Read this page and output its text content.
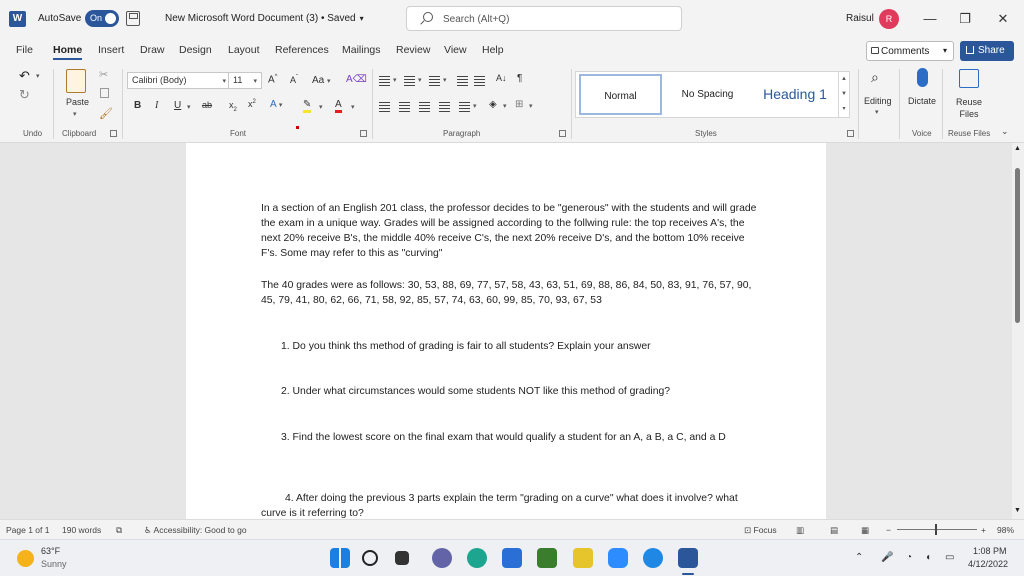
W	AutoSave On	New Microsoft Word Document (3) • Saved ▾
Search (Alt+Q)	Raisul	R	—	❐	✕
File Home Insert Draw Design Layout References Mailings Review View Help	Comments ▾	Share
↶ ▾
↻
Undo
Paste
▾
✂
🖌
Clipboard
Calibri (Body)	▾ 11 ▾ A^ $A^ˇ$ Aa ▾ A⌫
B I U ▾ ab $x_2$
$x^2$ A ▾ ✎ ▾ A ▾
Font
▾	▾	▾	A↓ ¶
▾ ◈ ▾ ⊞ ▾
Paragraph
Normal	No Spacing	Heading 1
▲
▼
▾
Styles
⌕
Editing
▾
Dictate
Voice
Reuse Files
Reuse Files ⌄

In a section of an English 201 class, the professor decides to be "generous" with the students and will grade the exam in a unique way. Grades will be assigned according to the follwing rule: the top receives A's, the next 20% receive B's, the middle 40% receive C's, the next 20% receive D's, and the bottom 10% receive F's. Some may refer to this as "curving"

The 40 grades were as follows: 30, 53, 88, 69, 77, 57, 58, 43, 63, 51, 69, 88, 86, 84, 50, 83, 91, 76, 57, 90, 45, 79, 41, 80, 62, 66, 71, 58, 92, 85, 57, 74, 63, 60, 99, 85, 70, 93, 67, 53

1. Do you think ths method of grading is fair to all students? Explain your answer

2. Under what circumstances would some students NOT like this method of grading?

3. Find the lowest score on the final exam that would qualify a student for an A, a B, a C, and a D

4. After doing the previous 3 parts explain the term "grading on a curve" what does it involve? what curve is it referring to?

▲
▼
Page 1 of 1 190 words ⧉	♿ Accessibility: Good to go	⊡ Focus ▥	▤	▦ −	+ 98%
63°F
Sunny
⌃ 🎤 ◔ ◖ ▭
1:08 PM
4/12/2022
